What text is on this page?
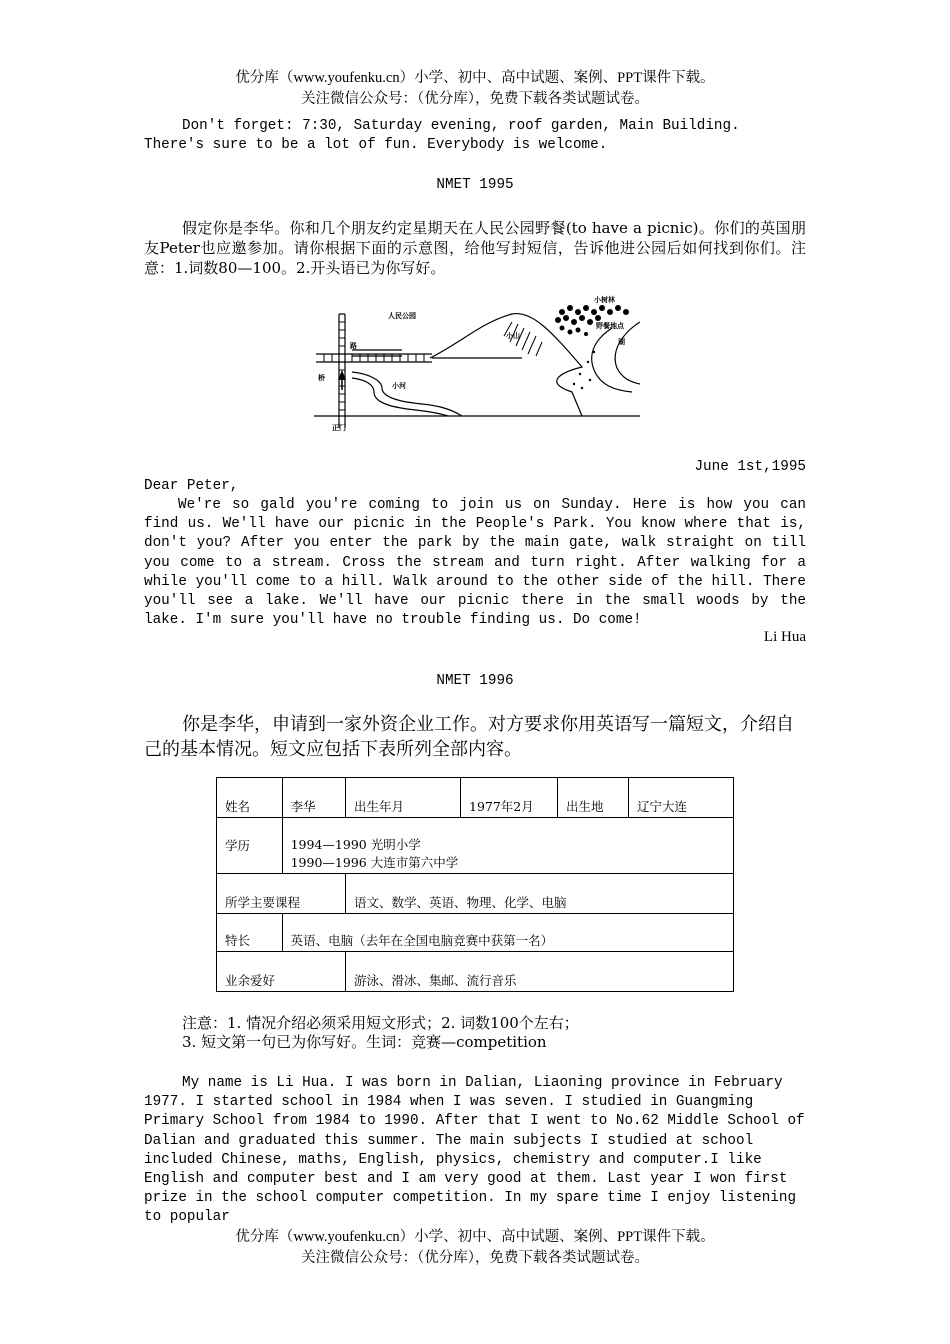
优分库（www.youfenku.cn）小学、初中、高中试题、案例、PPT课件下载。
关注微信公众号：（优分库），免费下载各类试题试卷。
Don't forget: 7:30, Saturday evening, roof garden, Main Building. There's sure to be a lot of fun. Everybody is welcome.
NMET 1995
假定你是李华。你和几个朋友约定星期天在人民公园野餐(to have a picnic)。你们的英国朋友Peter也应邀参加。请你根据下面的示意图，给他写封短信，告诉他进公园后如何找到你们。注意：1.词数80—100。2.开头语已为你写好。
人民公园
小树林
野餐地点
小山
路
桥
小河
湖
正门
June 1st,1995
Dear Peter,
We're so gald you're coming to join us on Sunday. Here is how you can find us. We'll have our picnic in the People's Park. You know where that is, don't you? After you enter the park by the main gate, walk straight on till you come to a stream. Cross the stream and turn right. After walking for a while you'll come to a hill. Walk around to the other side of the hill. There you'll see a lake. We'll have our picnic there in the small woods by the lake. I'm sure you'll have no trouble finding us. Do come!
Li Hua
NMET 1996
你是李华，申请到一家外资企业工作。对方要求你用英语写一篇短文，介绍自己的基本情况。短文应包括下表所列全部内容。
姓名	李华	出生年月	1977年2月	出生地	辽宁大连
学历	1994—1990 光明小学
1990—1996 大连市第六中学				

所学主要课程		语文、数学、英语、物理、化学、电脑			
特长	英语、电脑（去年在全国电脑竞赛中获第一名）				
业余爱好		游泳、滑冰、集邮、流行音乐			
注意：1. 情况介绍必须采用短文形式；2. 词数100个左右；
3. 短文第一句已为你写好。生词：竞赛—competition
My name is Li Hua. I was born in Dalian, Liaoning province in February 1977. I started school in 1984 when I was seven. I studied in Guangming Primary School from 1984 to 1990. After that I went to No.62 Middle School of Dalian and graduated this summer. The main subjects I studied at school included Chinese, maths, English, physics, chemistry and computer.I like English and computer best and I am very good at them. Last year I won first prize in the school computer competition. In my spare time I enjoy listening to popular
优分库（www.youfenku.cn）小学、初中、高中试题、案例、PPT课件下载。
关注微信公众号：（优分库），免费下载各类试题试卷。
